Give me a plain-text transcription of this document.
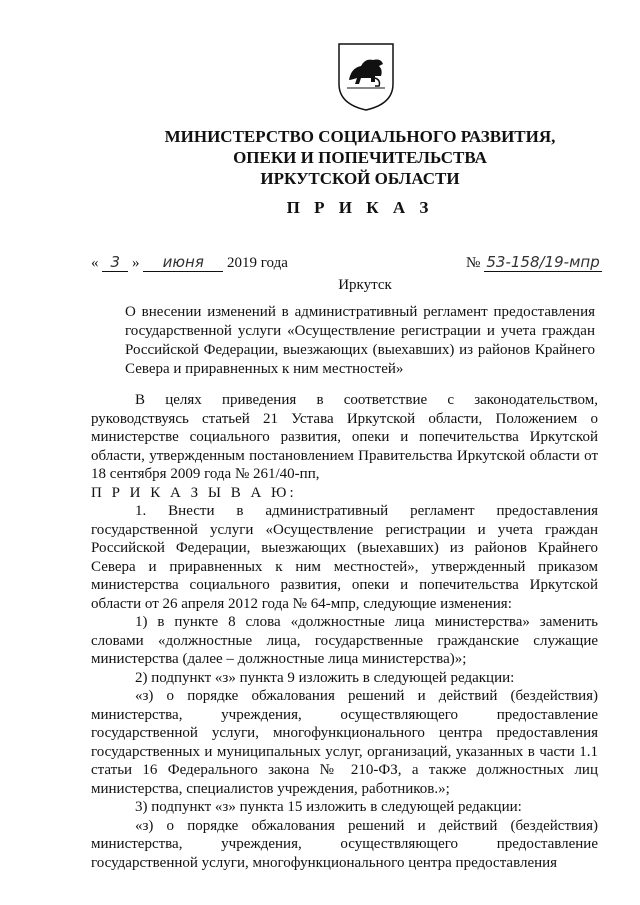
МИНИСТЕРСТВО СОЦИАЛЬНОГО РАЗВИТИЯ,
ОПЕКИ И ПОПЕЧИТЕЛЬСТВА
ИРКУТСКОЙ ОБЛАСТИ
П Р И К А З
« 3 » июня 2019 года	№ 53-158/19-мпр
Иркутск
О внесении изменений в административный регламент предоставления государственной услуги «Осуществление регистрации и учета граждан Российской Федерации, выезжающих (выехавших) из районов Крайнего Севера и приравненных к ним местностей»

В целях приведения в соответствие с законодательством, руководствуясь статьей 21 Устава Иркутской области, Положением о министерстве социального развития, опеки и попечительства Иркутской области, утвержденным постановлением Правительства Иркутской области от 18 сентября 2009 года № 261/40-пп,

П Р И К А З Ы В А Ю:

1. Внести в административный регламент предоставления государственной услуги «Осуществление регистрации и учета граждан Российской Федерации, выезжающих (выехавших) из районов Крайнего Севера и приравненных к ним местностей», утвержденный приказом министерства социального развития, опеки и попечительства Иркутской области от 26 апреля 2012 года № 64-мпр, следующие изменения:

1) в пункте 8 слова «должностные лица министерства» заменить словами «должностные лица, государственные гражданские служащие министерства (далее – должностные лица министерства)»;

2) подпункт «з» пункта 9 изложить в следующей редакции:

«з) о порядке обжалования решений и действий (бездействия) министерства, учреждения, осуществляющего предоставление государственной услуги, многофункционального центра предоставления государственных и муниципальных услуг, организаций, указанных в части 1.1 статьи 16 Федерального закона № 210-ФЗ, а также должностных лиц министерства, специалистов учреждения, работников.»;

3) подпункт «з» пункта 15 изложить в следующей редакции:

«з) о порядке обжалования решений и действий (бездействия) министерства, учреждения, осуществляющего предоставление государственной услуги, многофункционального центра предоставления
